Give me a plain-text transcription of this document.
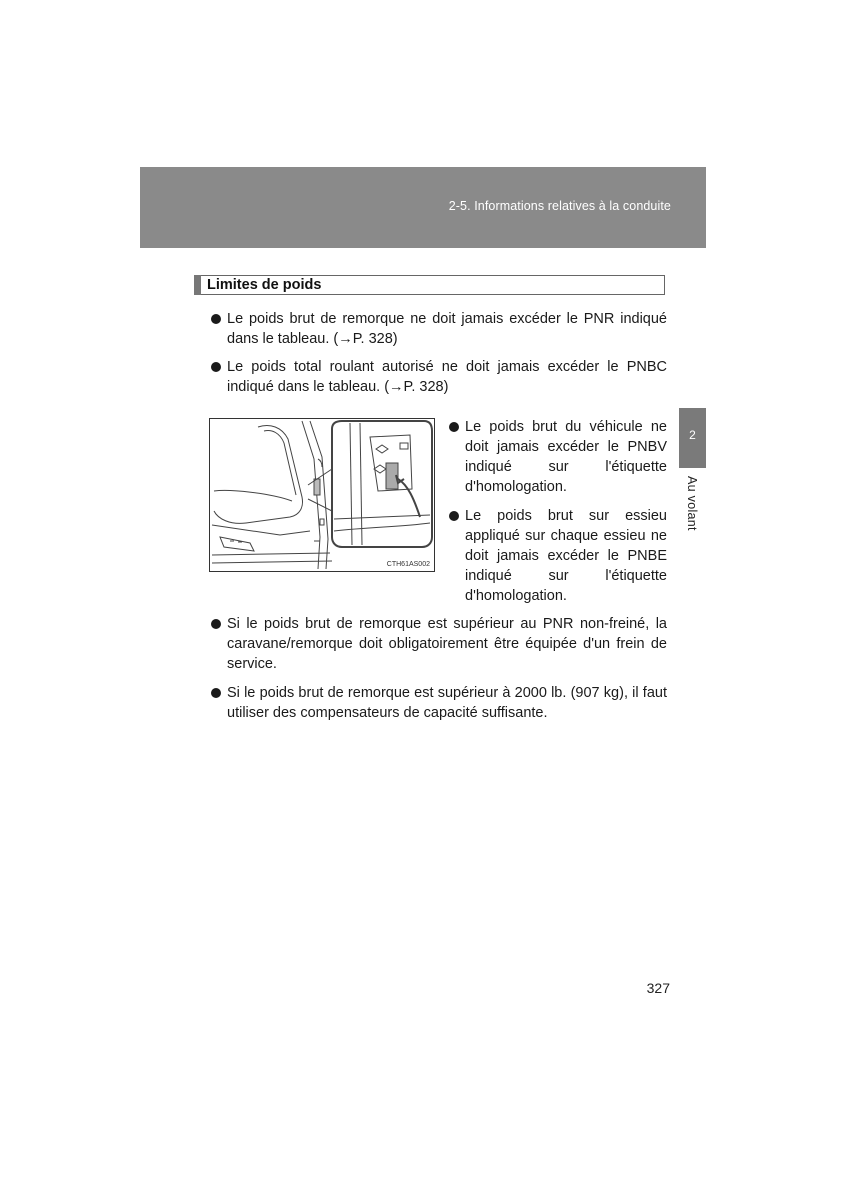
2-5. Informations relatives à la conduite
2
Au volant
Limites de poids
Le poids brut de remorque ne doit jamais excéder le PNR indiqué dans le tableau. (→P. 328)
Le poids total roulant autorisé ne doit jamais excéder le PNBC indiqué dans le tableau. (→P. 328)
CTH61AS002
Le poids brut du véhicule ne doit jamais excéder le PNBV indiqué sur l'étiquette d'homologation.
Le poids brut sur essieu appliqué sur chaque essieu ne doit jamais excéder le PNBE indiqué sur l'étiquette d'homologation.
Si le poids brut de remorque est supérieur au PNR non-freiné, la caravane/remorque doit obligatoirement être équipée d'un frein de service.
Si le poids brut de remorque est supérieur à 2000 lb. (907 kg), il faut utiliser des compensateurs de capacité suffisante.
327
